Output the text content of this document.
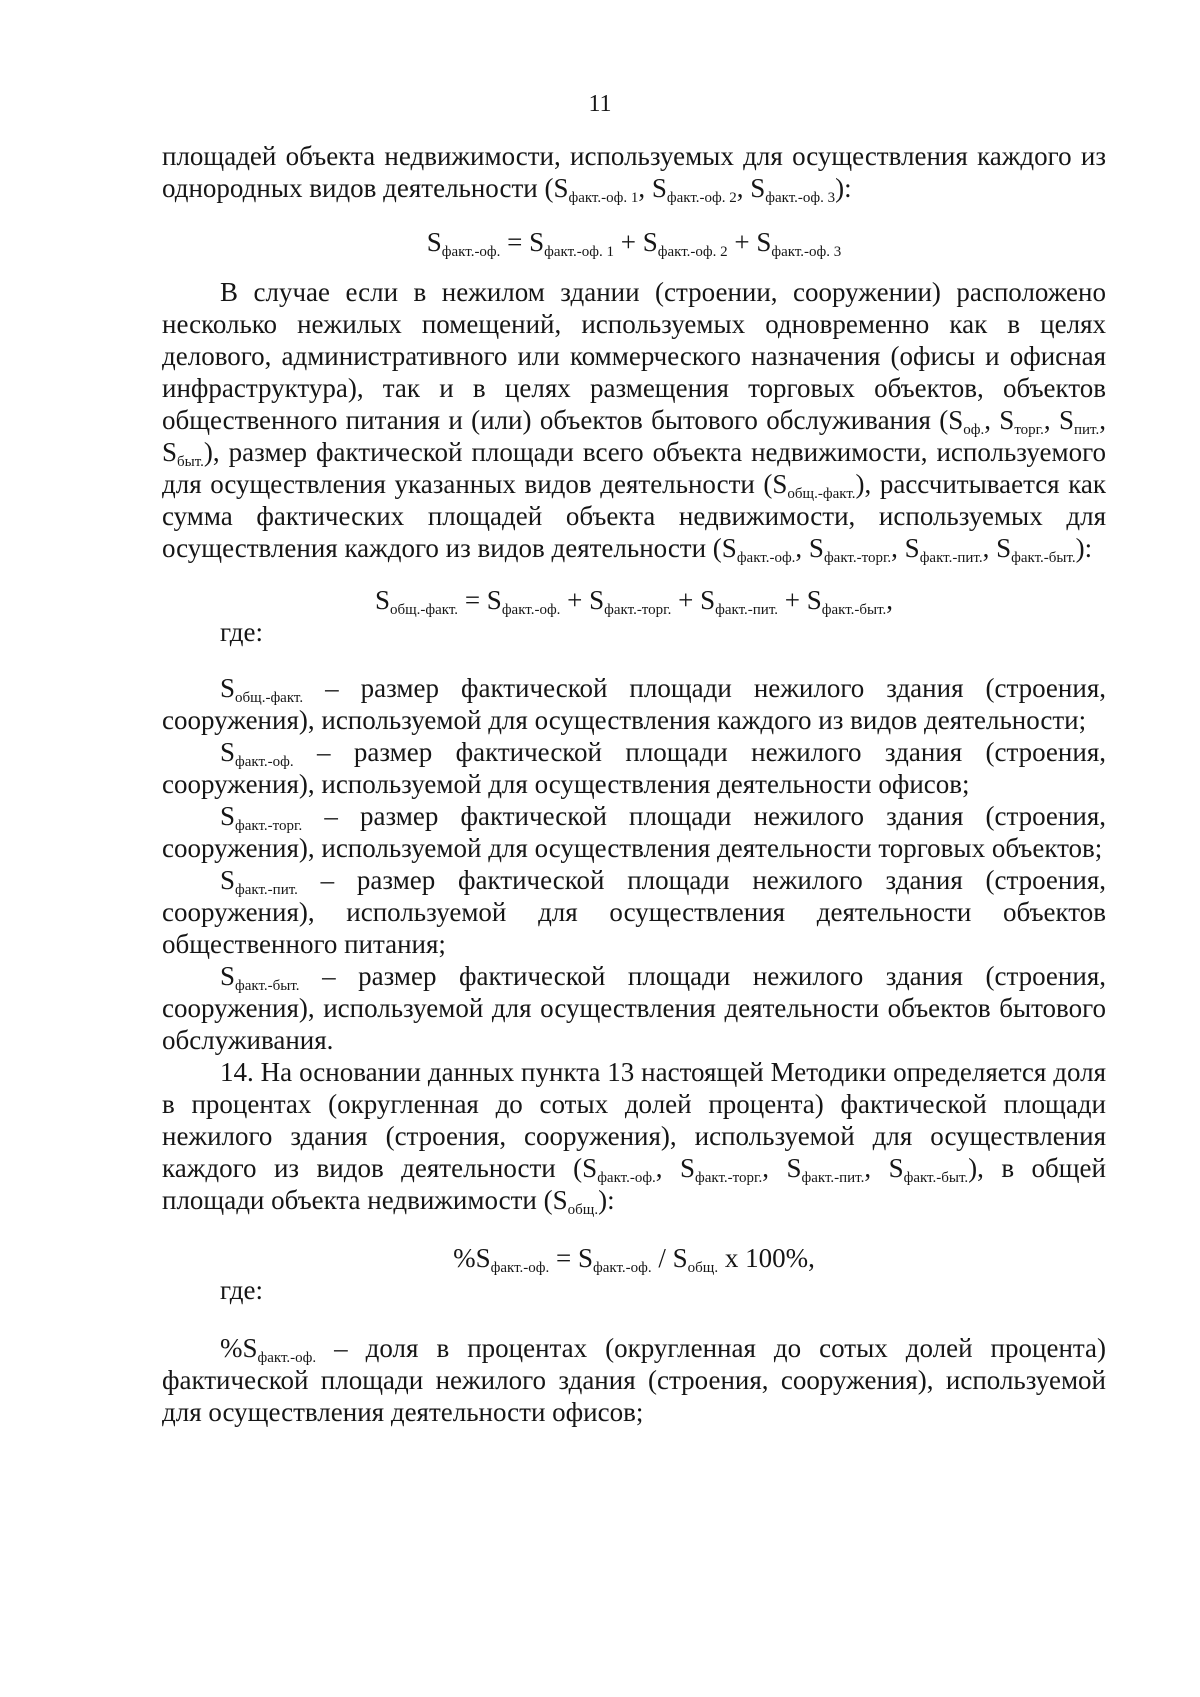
11

площадей объекта недвижимости, используемых для осуществления каждого из однородных видов деятельности ($S_{факт.-оф. 1}$, $S_{факт.-оф. 2}$, $S_{факт.-оф. 3}$):

$S_{факт.-оф.} = S_{факт.-оф. 1} + S_{факт.-оф. 2} + S_{факт.-оф. 3}$

В случае если в нежилом здании (строении, сооружении) расположено несколько нежилых помещений, используемых одновременно как в целях делового, административного или коммерческого назначения (офисы и офисная инфраструктура), так и в целях размещения торговых объектов, объектов общественного питания и (или) объектов бытового обслуживания ($S_{оф.}$, $S_{торг.}$, $S_{пит.}$, $S_{быт.}$), размер фактической площади всего объекта недвижимости, используемого для осуществления указанных видов деятельности $(S_{общ.-факт.})$, рассчитывается как сумма фактических площадей объекта недвижимости, используемых для осуществления каждого из видов деятельности ($S_{факт.-оф.}$, $S_{факт.-торг.}$, $S_{факт.-пит.}$, $S_{факт.-быт.}$):

$S_{общ.-факт.} = S_{факт.-оф.} + S_{факт.-торг.} + S_{факт.-пит.} + S_{факт.-быт.}$,

где:

$S_{общ.-факт.}$ – размер фактической площади нежилого здания (строения, сооружения), используемой для осуществления каждого из видов деятельности;

$S_{факт.-оф.}$ – размер фактической площади нежилого здания (строения, сооружения), используемой для осуществления деятельности офисов;

$S_{факт.-торг.}$ – размер фактической площади нежилого здания (строения, сооружения), используемой для осуществления деятельности торговых объектов;

$S_{факт.-пит.}$ – размер фактической площади нежилого здания (строения, сооружения), используемой для осуществления деятельности объектов общественного питания;

$S_{факт.-быт.}$ – размер фактической площади нежилого здания (строения, сооружения), используемой для осуществления деятельности объектов бытового обслуживания.

14. На основании данных пункта 13 настоящей Методики определяется доля в процентах (округленная до сотых долей процента) фактической площади нежилого здания (строения, сооружения), используемой для осуществления каждого из видов деятельности ($S_{факт.-оф.}$, $S_{факт.-торг.}$, $S_{факт.-пит.}$, $S_{факт.-быт.}$), в общей площади объекта недвижимости $(S_{общ.})$:

$\%S_{факт.-оф.} = S_{факт.-оф.} / S_{общ.}$ x 100%,

где:

$\%S_{факт.-оф.}$ – доля в процентах (округленная до сотых долей процента) фактической площади нежилого здания (строения, сооружения), используемой для осуществления деятельности офисов;
